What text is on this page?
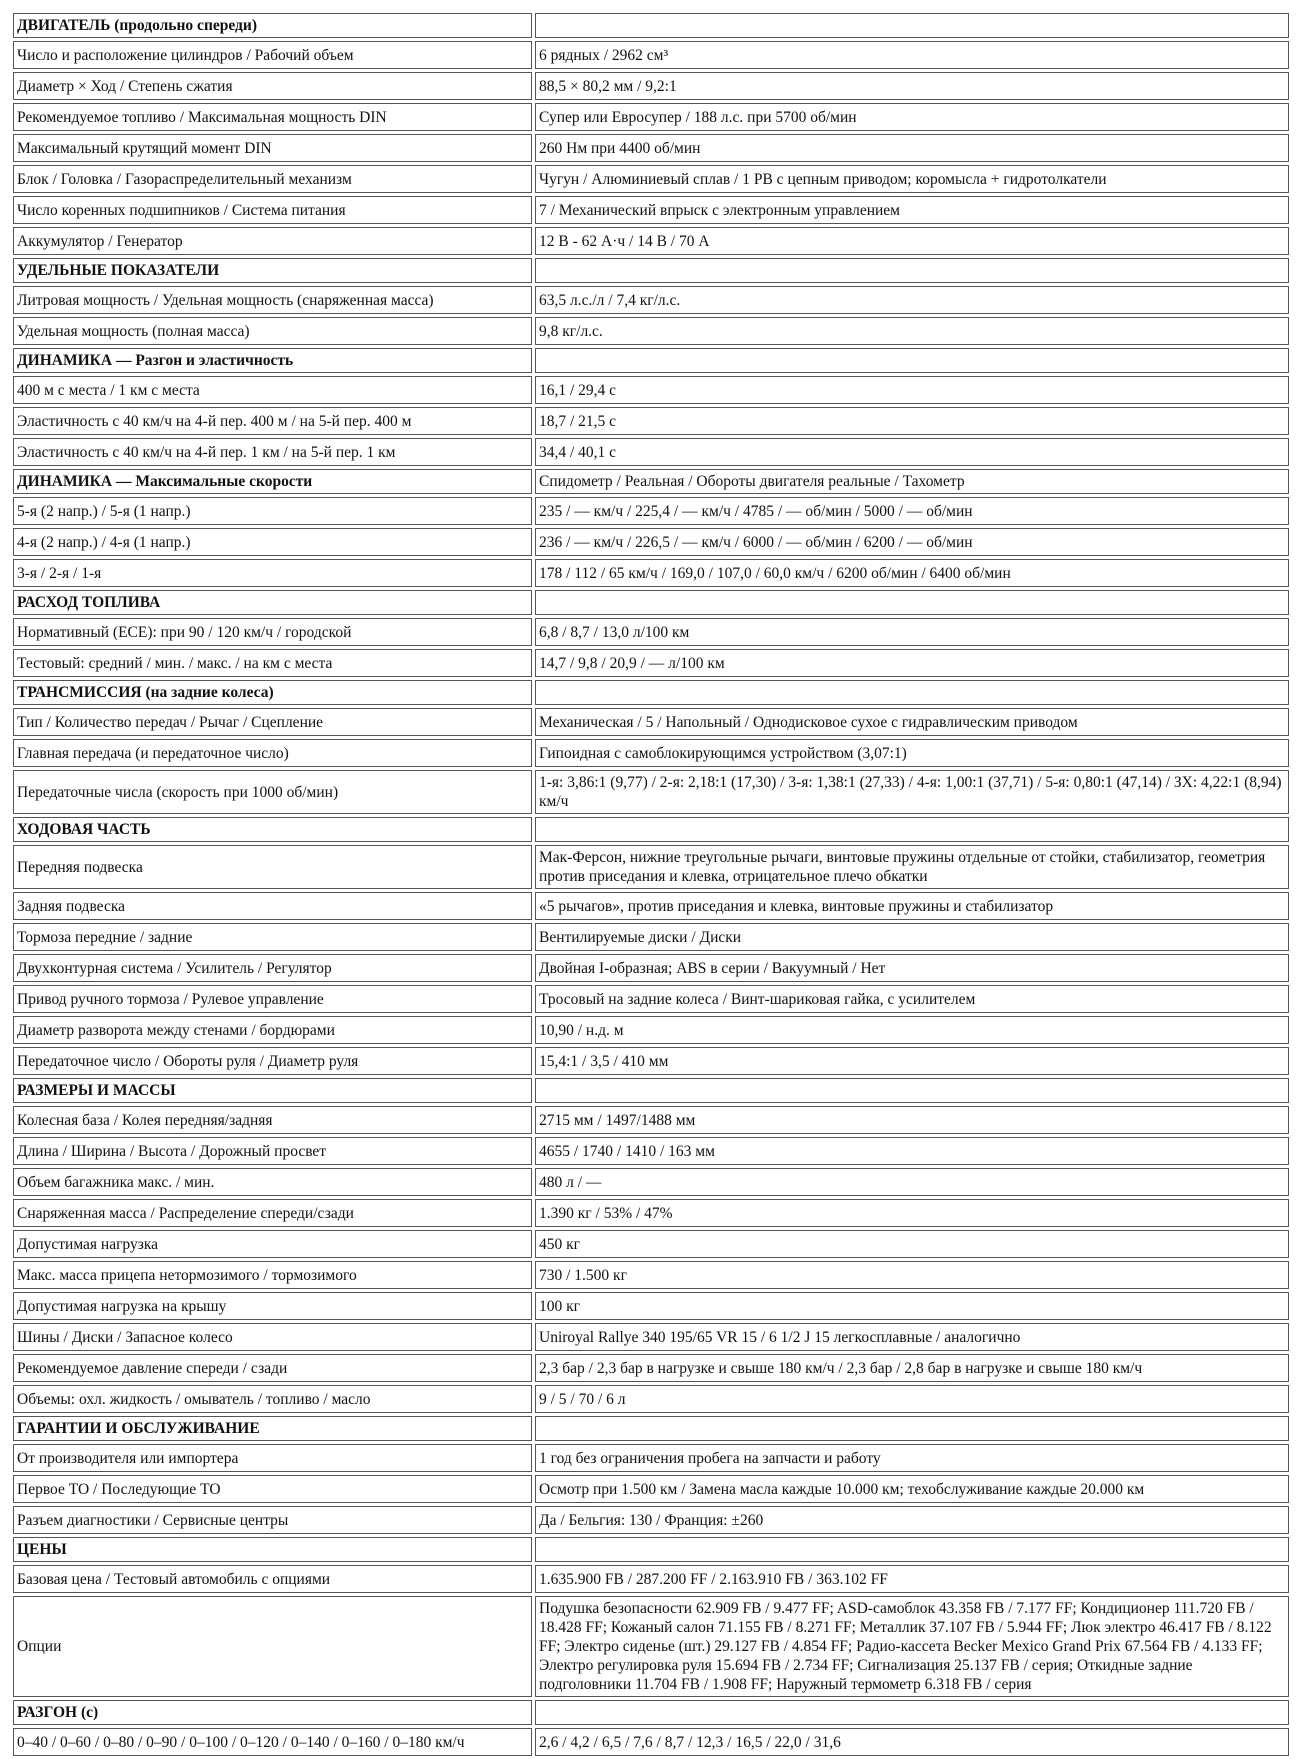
ДВИГАТЕЛЬ (продольно спереди)	
Число и расположение цилиндров / Рабочий объем	6 рядных / 2962 см³
Диаметр × Ход / Степень сжатия	88,5 × 80,2 мм / 9,2:1
Рекомендуемое топливо / Максимальная мощность DIN	Супер или Евросупер / 188 л.с. при 5700 об/мин
Максимальный крутящий момент DIN	260 Нм при 4400 об/мин
Блок / Головка / Газораспределительный механизм	Чугун / Алюминиевый сплав / 1 РВ с цепным приводом; коромысла + гидротолкатели
Число коренных подшипников / Система питания	7 / Механический впрыск с электронным управлением
Аккумулятор / Генератор	12 В - 62 А·ч / 14 В / 70 А
УДЕЛЬНЫЕ ПОКАЗАТЕЛИ	
Литровая мощность / Удельная мощность (снаряженная масса)	63,5 л.с./л / 7,4 кг/л.с.
Удельная мощность (полная масса)	9,8 кг/л.с.
ДИНАМИКА — Разгон и эластичность	
400 м с места / 1 км с места	16,1 / 29,4 с
Эластичность с 40 км/ч на 4-й пер. 400 м / на 5-й пер. 400 м	18,7 / 21,5 с
Эластичность с 40 км/ч на 4-й пер. 1 км / на 5-й пер. 1 км	34,4 / 40,1 с
ДИНАМИКА — Максимальные скорости	Спидометр / Реальная / Обороты двигателя реальные / Тахометр
5-я (2 напр.) / 5-я (1 напр.)	235 / — км/ч / 225,4 / — км/ч / 4785 / — об/мин / 5000 / — об/мин
4-я (2 напр.) / 4-я (1 напр.)	236 / — км/ч / 226,5 / — км/ч / 6000 / — об/мин / 6200 / — об/мин
3-я / 2-я / 1-я	178 / 112 / 65 км/ч / 169,0 / 107,0 / 60,0 км/ч / 6200 об/мин / 6400 об/мин
РАСХОД ТОПЛИВА	
Нормативный (ЕСЕ): при 90 / 120 км/ч / городской	6,8 / 8,7 / 13,0 л/100 км
Тестовый: средний / мин. / макс. / на км с места	14,7 / 9,8 / 20,9 / — л/100 км
ТРАНСМИССИЯ (на задние колеса)	
Тип / Количество передач / Рычаг / Сцепление	Механическая / 5 / Напольный / Однодисковое сухое с гидравлическим приводом
Главная передача (и передаточное число)	Гипоидная с самоблокирующимся устройством (3,07:1)
Передаточные числа (скорость при 1000 об/мин)	1-я: 3,86:1 (9,77) / 2-я: 2,18:1 (17,30) / 3-я: 1,38:1 (27,33) / 4-я: 1,00:1 (37,71) / 5-я: 0,80:1 (47,14) / ЗХ: 4,22:1 (8,94) км/ч
ХОДОВАЯ ЧАСТЬ	
Передняя подвеска	Мак-Ферсон, нижние треугольные рычаги, винтовые пружины отдельные от стойки, стабилизатор, геометрия против приседания и клевка, отрицательное плечо обкатки
Задняя подвеска	«5 рычагов», против приседания и клевка, винтовые пружины и стабилизатор
Тормоза передние / задние	Вентилируемые диски / Диски
Двухконтурная система / Усилитель / Регулятор	Двойная I-образная; ABS в серии / Вакуумный / Нет
Привод ручного тормоза / Рулевое управление	Тросовый на задние колеса / Винт-шариковая гайка, с усилителем
Диаметр разворота между стенами / бордюрами	10,90 / н.д. м
Передаточное число / Обороты руля / Диаметр руля	15,4:1 / 3,5 / 410 мм
РАЗМЕРЫ И МАССЫ	
Колесная база / Колея передняя/задняя	2715 мм / 1497/1488 мм
Длина / Ширина / Высота / Дорожный просвет	4655 / 1740 / 1410 / 163 мм
Объем багажника макс. / мин.	480 л / —
Снаряженная масса / Распределение спереди/сзади	1.390 кг / 53% / 47%
Допустимая нагрузка	450 кг
Макс. масса прицепа нетормозимого / тормозимого	730 / 1.500 кг
Допустимая нагрузка на крышу	100 кг
Шины / Диски / Запасное колесо	Uniroyal Rallye 340 195/65 VR 15 / 6 1/2 J 15 легкосплавные / аналогично
Рекомендуемое давление спереди / сзади	2,3 бар / 2,3 бар в нагрузке и свыше 180 км/ч / 2,3 бар / 2,8 бар в нагрузке и свыше 180 км/ч
Объемы: охл. жидкость / омыватель / топливо / масло	9 / 5 / 70 / 6 л
ГАРАНТИИ И ОБСЛУЖИВАНИЕ	
От производителя или импортера	1 год без ограничения пробега на запчасти и работу
Первое ТО / Последующие ТО	Осмотр при 1.500 км / Замена масла каждые 10.000 км; техобслуживание каждые 20.000 км
Разъем диагностики / Сервисные центры	Да / Бельгия: 130 / Франция: ±260
ЦЕНЫ	
Базовая цена / Тестовый автомобиль с опциями	1.635.900 FB / 287.200 FF / 2.163.910 FB / 363.102 FF
Опции	Подушка безопасности 62.909 FB / 9.477 FF; ASD-самоблок 43.358 FB / 7.177 FF; Кондиционер 111.720 FB / 18.428 FF; Кожаный салон 71.155 FB / 8.271 FF; Металлик 37.107 FB / 5.944 FF; Люк электро 46.417 FB / 8.122 FF; Электро сиденье (шт.) 29.127 FB / 4.854 FF; Радио-кассета Becker Mexico Grand Prix 67.564 FB / 4.133 FF; Электро регулировка руля 15.694 FB / 2.734 FF; Сигнализация 25.137 FB / серия; Откидные задние подголовники 11.704 FB / 1.908 FF; Наружный термометр 6.318 FB / серия
РАЗГОН (с)	
0–40 / 0–60 / 0–80 / 0–90 / 0–100 / 0–120 / 0–140 / 0–160 / 0–180 км/ч	2,6 / 4,2 / 6,5 / 7,6 / 8,7 / 12,3 / 16,5 / 22,0 / 31,6
